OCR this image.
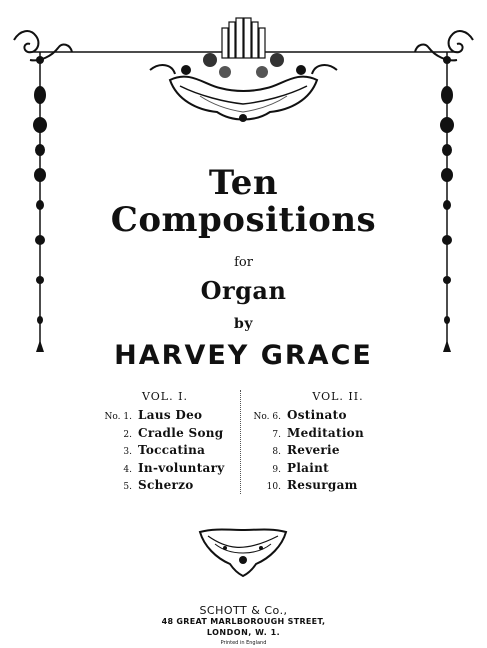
Ten
Compositions
for
Organ
by
HARVEY GRACE
VOL. I.	VOL. II.
No. 1. Laus Deo
2. Cradle Song
3. Toccatina
4. In-voluntary
5. Scherzo
No. 6. Ostinato
7. Meditation
8. Reverie
9. Plaint
10. Resurgam
SCHOTT & Co.,
48 GREAT MARLBOROUGH STREET,
LONDON, W. 1.
Printed in England
